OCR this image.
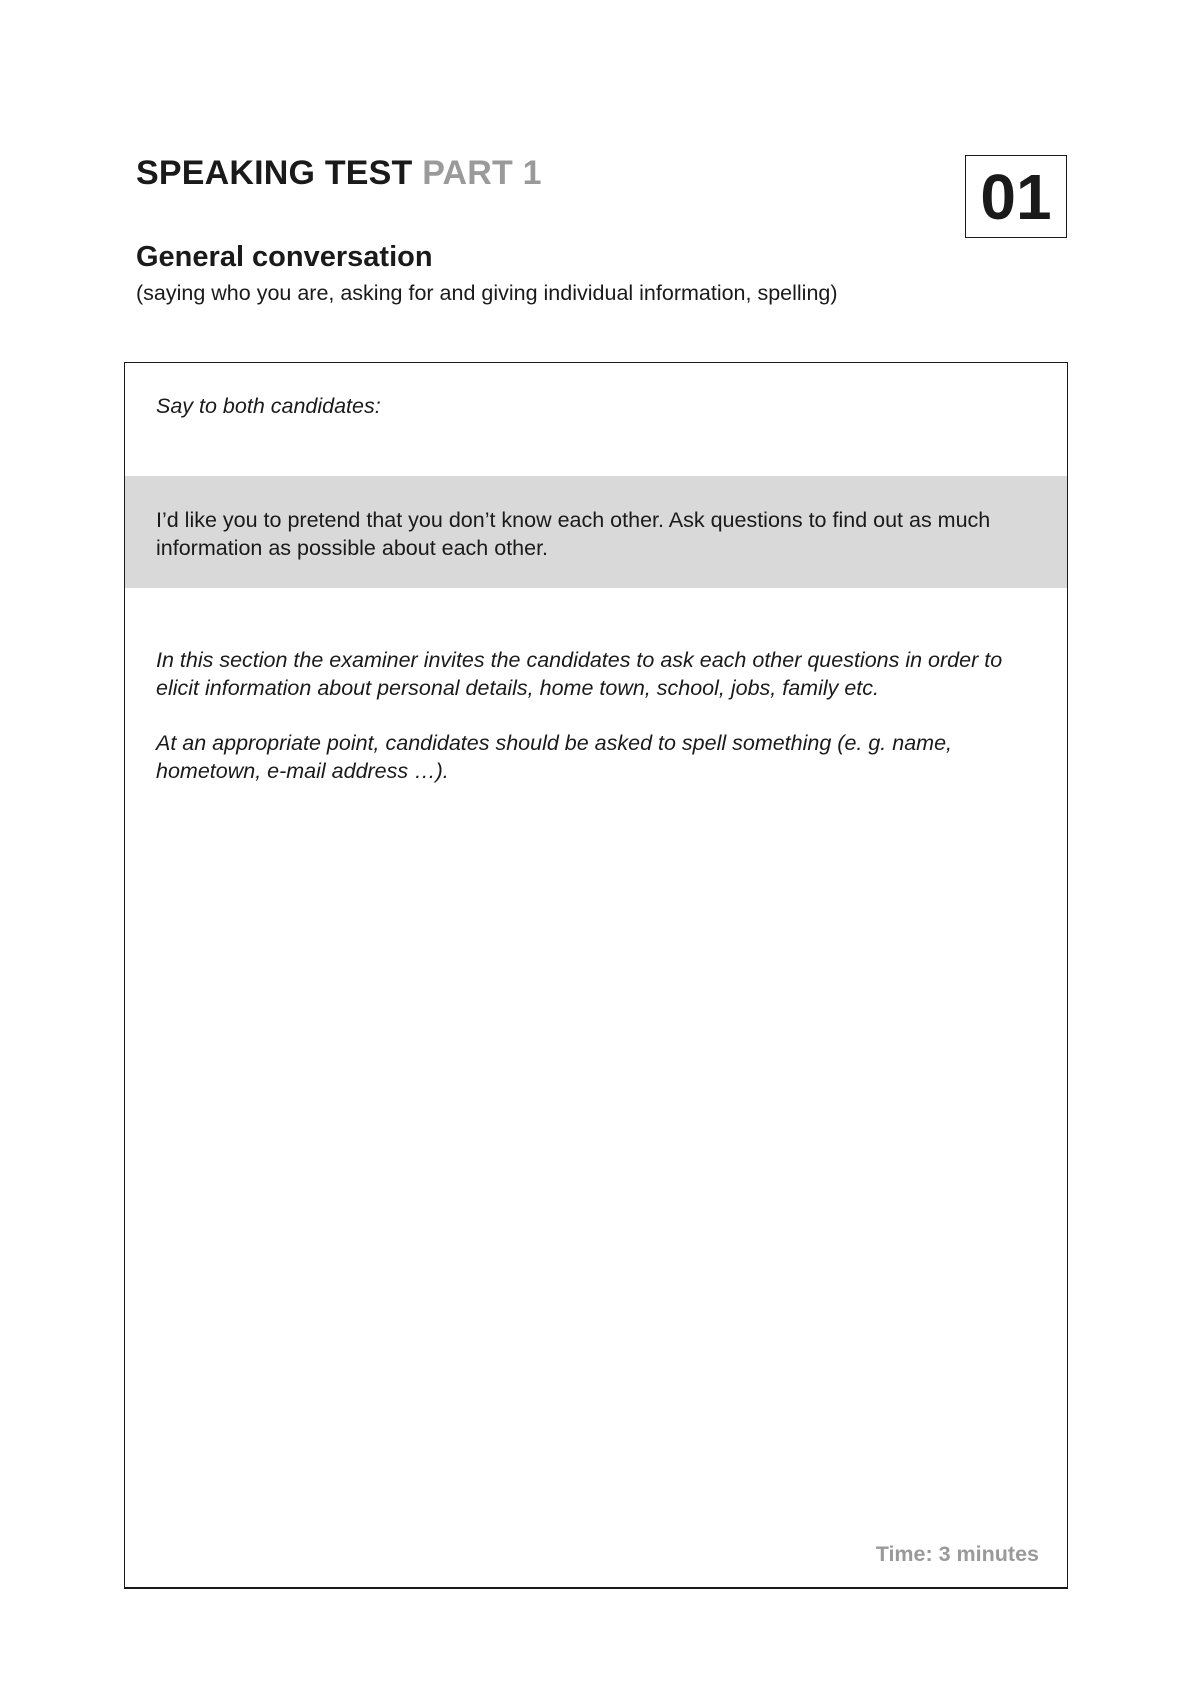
SPEAKING TEST PART 1	01
General conversation

(saying who you are, asking for and giving individual information, spelling)

Say to both candidates:

I’d like you to pretend that you don’t know each other. Ask questions to find out as much information as possible about each other.

In this section the examiner invites the candidates to ask each other questions in order to elicit information about personal details, home town, school, jobs, family etc.

At an appropriate point, candidates should be asked to spell something (e. g. name, hometown, e-mail address …).

Time: 3 minutes
